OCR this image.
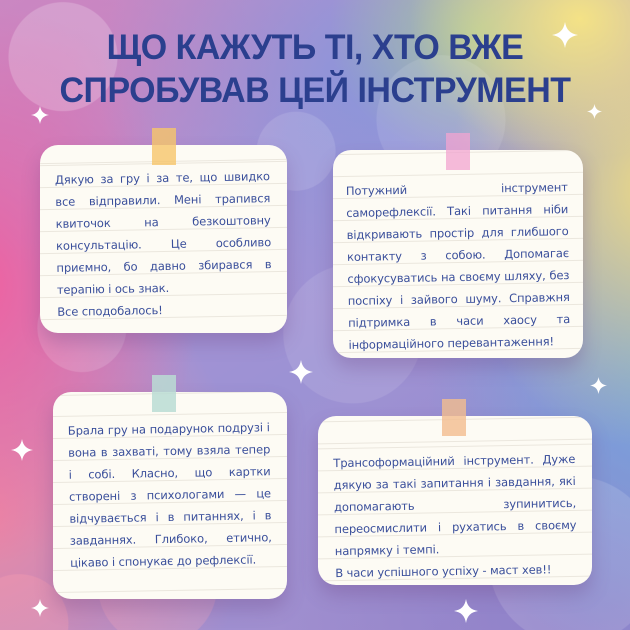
ЩО КАЖУТЬ ТІ, ХТО ВЖЕ
СПРОБУВАВ ЦЕЙ ІНСТРУМЕНТ

Дякую за гру і за те, що швидко все відправили. Мені трапився квиточок на безкоштовну консультацію. Це особливо приємно, бо давно збирався в терапію і ось знак.

Все сподобалось!

Потужний інструмент саморефлексії. Такі питання ніби відкривають простір для глибшого контакту з собою. Допомагає сфокусуватись на своєму шляху, без поспіху і зайвого шуму. Справжня підтримка в часи хаосу та інформаційного перевантаження!

Брала гру на подарунок подрузі і вона в захваті, тому взяла тепер і собі. Класно, що картки створені з психологами — це відчувається і в питаннях, і в завданнях. Глибоко, етично, цікаво і спонукає до рефлексії.

Трансоформаційний інструмент. Дуже дякую за такі запитання і завдання, які допомагають зупинитись, переосмислити і рухатись в своєму напрямку і темпі.

В часи успішного успіху - маст хев!!
